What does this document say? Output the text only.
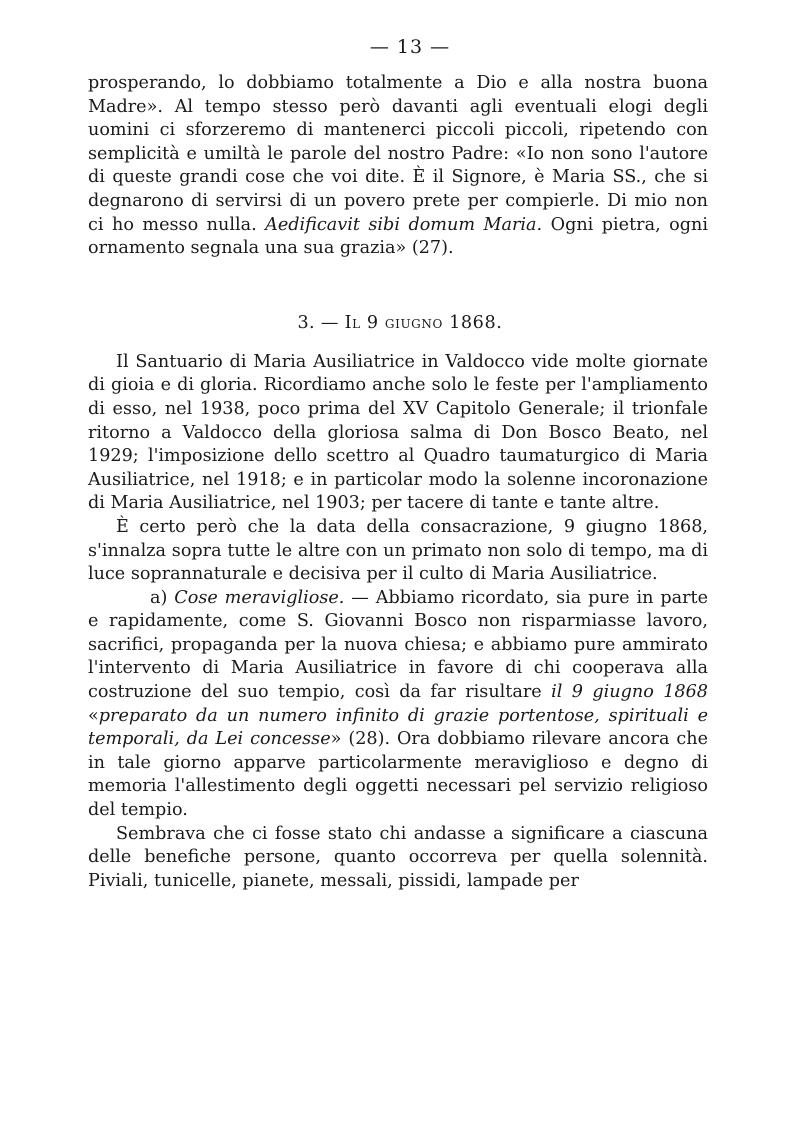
— 13 —

prosperando, lo dobbiamo totalmente a Dio e alla nostra buona Madre». Al tempo stesso però davanti agli eventuali elogi degli uomini ci sforzeremo di mantenerci piccoli piccoli, ripetendo con semplicità e umiltà le parole del nostro Padre: «Io non sono l'autore di queste grandi cose che voi dite. È il Signore, è Maria SS., che si degnarono di servirsi di un povero prete per compierle. Di mio non ci ho messo nulla. Aedificavit sibi domum Maria. Ogni pietra, ogni ornamento segnala una sua grazia» (27).

3. — Il 9 giugno 1868.

Il Santuario di Maria Ausiliatrice in Valdocco vide molte giornate di gioia e di gloria. Ricordiamo anche solo le feste per l'ampliamento di esso, nel 1938, poco prima del XV Capitolo Generale; il trionfale ritorno a Valdocco della gloriosa salma di Don Bosco Beato, nel 1929; l'imposizione dello scettro al Quadro taumaturgico di Maria Ausiliatrice, nel 1918; e in particolar modo la solenne incoronazione di Maria Ausiliatrice, nel 1903; per tacere di tante e tante altre.

È certo però che la data della consacrazione, 9 giugno 1868, s'innalza sopra tutte le altre con un primato non solo di tempo, ma di luce soprannaturale e decisiva per il culto di Maria Ausiliatrice.

a) Cose meravigliose. — Abbiamo ricordato, sia pure in parte e rapidamente, come S. Giovanni Bosco non risparmiasse lavoro, sacrifici, propaganda per la nuova chiesa; e abbiamo pure ammirato l'intervento di Maria Ausiliatrice in favore di chi cooperava alla costruzione del suo tempio, così da far risultare il 9 giugno 1868 «preparato da un numero infinito di grazie portentose, spirituali e temporali, da Lei concesse» (28). Ora dobbiamo rilevare ancora che in tale giorno apparve particolarmente meraviglioso e degno di memoria l'allestimento degli oggetti necessari pel servizio religioso del tempio.

Sembrava che ci fosse stato chi andasse a significare a ciascuna delle benefiche persone, quanto occorreva per quella solennità. Piviali, tunicelle, pianete, messali, pissidi, lampade per
